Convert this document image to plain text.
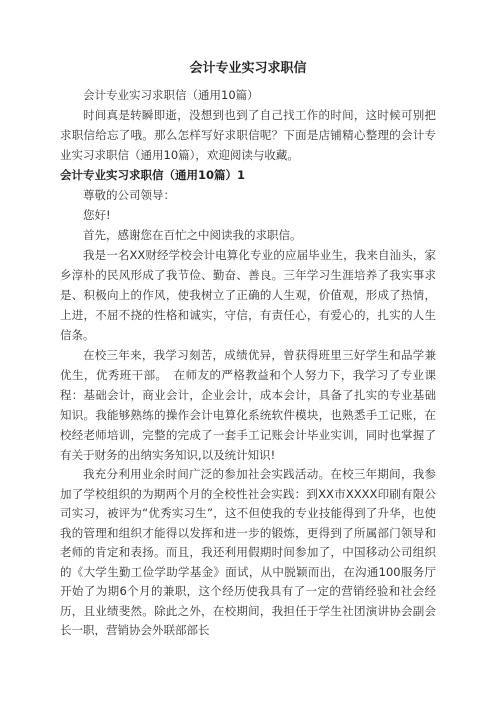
会计专业实习求职信

会计专业实习求职信（通用10篇）

时间真是转瞬即逝，没想到也到了自己找工作的时间，这时候可别把求职信给忘了哦。那么怎样写好求职信呢？下面是店铺精心整理的会计专业实习求职信（通用10篇），欢迎阅读与收藏。

会计专业实习求职信（通用10篇）1

尊敬的公司领导：

您好!

首先，感谢您在百忙之中阅读我的求职信。

我是一名XX财经学校会计电算化专业的应届毕业生，我来自汕头，家乡淳朴的民风形成了我节俭、勤奋、善良。三年学习生涯培养了我实事求是、积极向上的作风，使我树立了正确的人生观，价值观，形成了热情，上进，不屈不挠的性格和诚实，守信，有责任心，有爱心的，扎实的人生信条。

在校三年来，我学习刻苦，成绩优异，曾获得班里三好学生和品学兼优生，优秀班干部。　在师友的严格教益和个人努力下，我学习了专业课程：基础会计，商业会计，企业会计，成本会计，具备了扎实的专业基础知识。我能够熟练的操作会计电算化系统软件模块，也熟悉手工记账，在校经老师培训，完整的完成了一套手工记账会计毕业实训，同时也掌握了有关于财务的出纳实务知识,以及统计知识!

我充分利用业余时间广泛的参加社会实践活动。在校三年期间，我参加了学校组织的为期两个月的全校性社会实践：到XX市XXXX印刷有限公司实习，被评为“优秀实习生”，这不但使我的专业技能得到了升华，也使我的管理和组织才能得以发挥和进一步的锻炼，更得到了所属部门领导和老师的肯定和表扬。而且，我还利用假期时间参加了，中国移动公司组织的《大学生勤工俭学助学基金》面试，从中脱颖而出，在沟通100服务厅开始了为期6个月的兼职，这个经历使我具有了一定的营销经验和社会经历，且业绩斐然。除此之外，在校期间，我担任于学生社团演讲协会副会长一职，营销协会外联部部长
